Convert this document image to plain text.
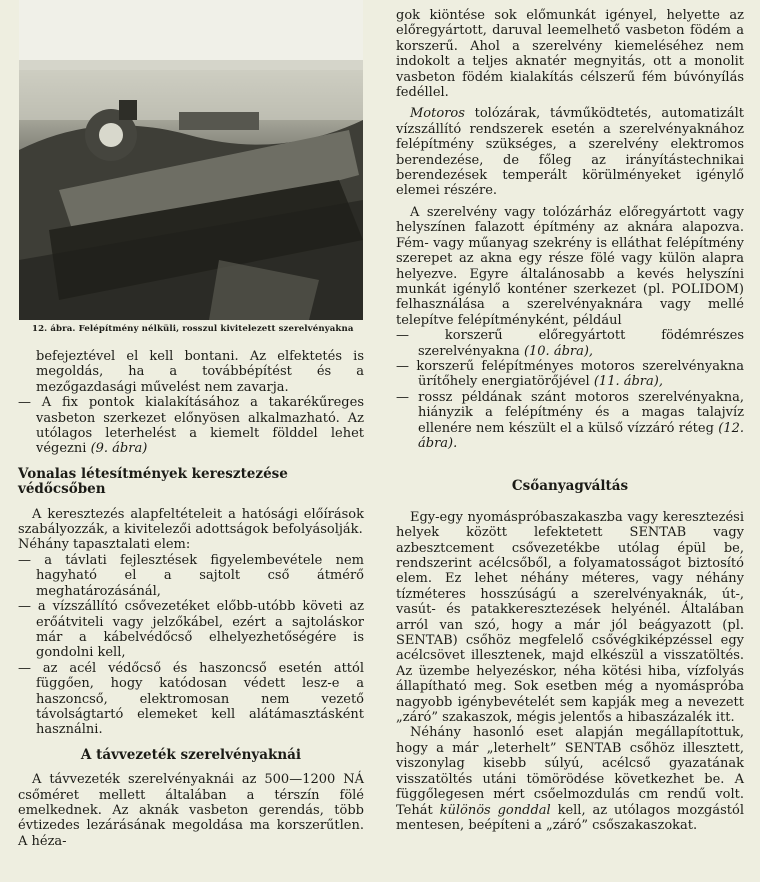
12. ábra. Felépítmény nélküli, rosszul kivitelezett szerelvényakna

befejeztével el kell bontani. Az elfektetés is megoldás, ha a továbbépítést és a mezőgazdasági művelést nem zavarja.

— A fix pontok kialakításához a takarékűreges vasbeton szerkezet előnyösen alkalmazható. Az utólagos leterhelést a kiemelt földdel lehet végezni (9. ábra)

Vonalas létesítmények keresztezése védőcsőben

A keresztezés alapfeltételeit a hatósági előírások szabályozzák, a kivitelezői adottságok befolyásolják.

Néhány tapasztalati elem:

— a távlati fejlesztések figyelembevétele nem hagyható el a sajtolt cső átmérő meghatározásánál,

— a vízszállító csővezetéket előbb-utóbb követi az erőátviteli vagy jelzőkábel, ezért a sajtoláskor már a kábelvédőcső elhelyezhetőségére is gondolni kell,

— az acél védőcső és haszoncső esetén attól függően, hogy katódosan védett lesz-e a haszoncső, elektromosan nem vezető távolságtartó elemeket kell alátámasztásként használni.

A távvezeték szerelvényaknái

A távvezeték szerelvényaknái az 500—1200 NÁ csőméret mellett általában a térszín fölé emelkednek. Az aknák vasbeton gerendás, több évtizedes lezárásának megoldása ma korszerűtlen. A héza-

gok kiöntése sok előmunkát igényel, helyette az előregyártott, daruval leemelhető vasbeton födém a korszerű. Ahol a szerelvény kiemeléséhez nem indokolt a teljes aknatér megnyitás, ott a monolit vasbeton födém kialakítás célszerű fém búvónyílás fedéllel.

Motoros tolózárak, távműködtetés, automatizált vízszállító rendszerek esetén a szerelvényaknához felépítmény szükséges, a szerelvény elektromos berendezése, de főleg az irányítástechnikai berendezések temperált körülményeket igénylő elemei részére.

A szerelvény vagy tolózárház előregyártott vagy helyszínen falazott építmény az aknára alapozva. Fém- vagy műanyag szekrény is elláthat felépítmény szerepet az akna egy része fölé vagy külön alapra helyezve. Egyre általánosabb a kevés helyszíni munkát igénylő konténer szerkezet (pl. POLIDOM) felhasználása a szerelvényaknára vagy mellé telepítve felépítményként, például

— korszerű előregyártott födémrészes szerelvényakna (10. ábra),

— korszerű felépítményes motoros szerelvényakna ürítőhely energiatörőjével (11. ábra),

— rossz példának szánt motoros szerelvényakna, hiányzik a felépítmény és a magas talajvíz ellenére nem készült el a külső vízzáró réteg (12. ábra).

Csőanyagváltás

Egy-egy nyomáspróbaszakaszba vagy keresztezési helyek között lefektetett SENTAB vagy azbesztcement csővezetékbe utólag épül be, rendszerint acélcsőből, a folyamatosságot biztosító elem. Ez lehet néhány méteres, vagy néhány tízméteres hosszúságú a szerelvényaknák, út-, vasút- és patakkeresztezések helyénél. Általában arról van szó, hogy a már jól beágyazott (pl. SENTAB) csőhöz megfelelő csővégkiképzéssel egy acélcsövet illesztenek, majd elkészül a visszatöltés. Az üzembe helyezéskor, néha kötési hiba, vízfolyás állapítható meg. Sok esetben még a nyomáspróba nagyobb igénybevételét sem kapják meg a nevezett „záró” szakaszok, mégis jelentős a hibaszázalék itt.

Néhány hasonló eset alapján megállapítottuk, hogy a már „leterhelt” SENTAB csőhöz illesztett, viszonylag kisebb súlyú, acélcső gyazatának visszatöltés utáni tömörödése következhet be. A függőlegesen mért csőelmozdulás cm rendű volt. Tehát különös gonddal kell, az utólagos mozgástól mentesen, beépíteni a „záró” csőszakaszokat.
